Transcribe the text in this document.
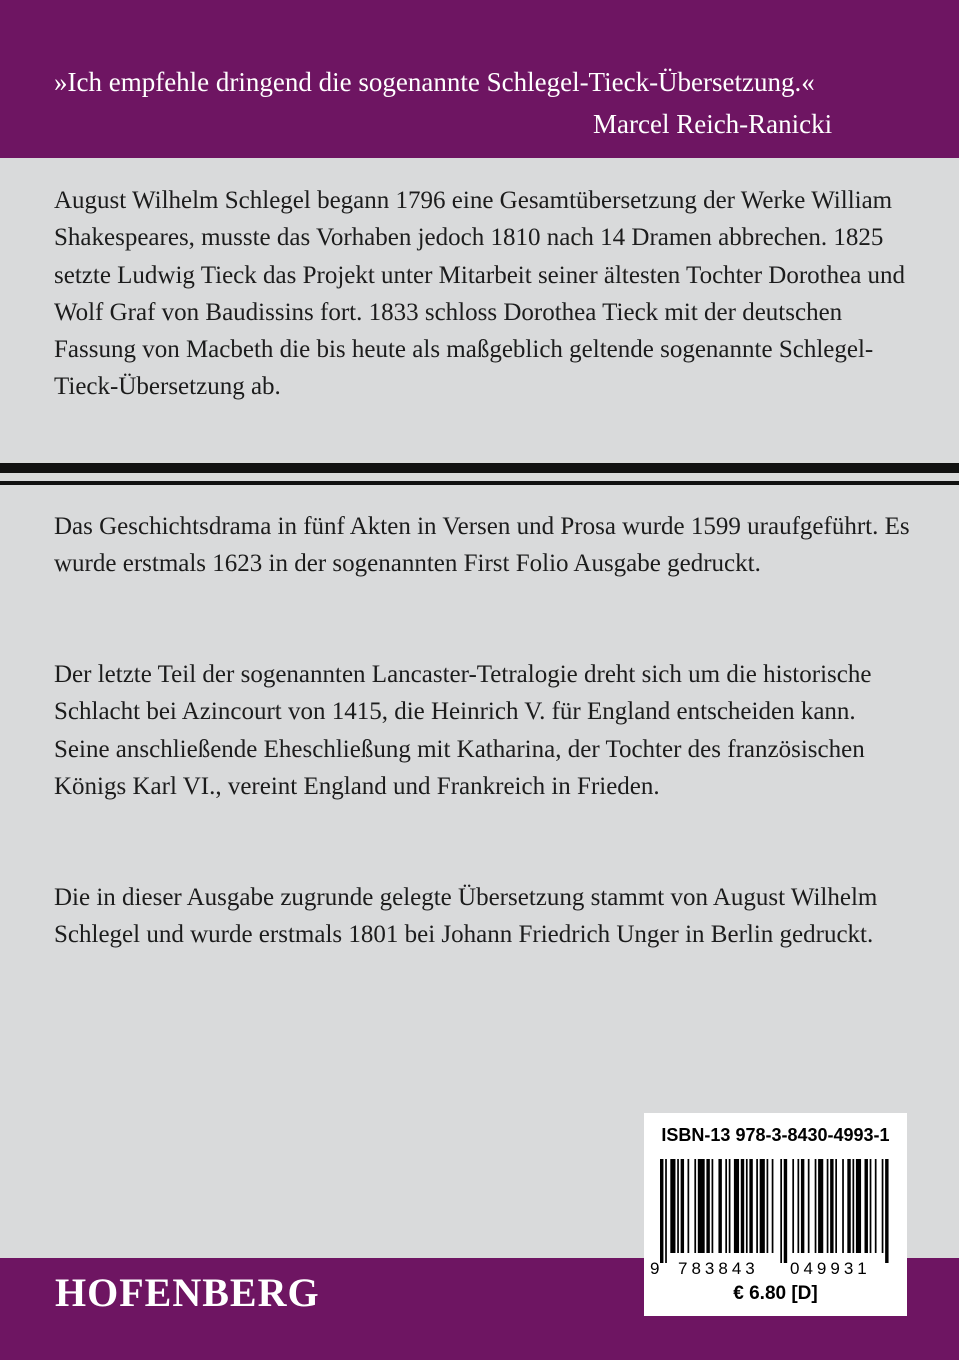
»Ich empfehle dringend die sogenannte Schlegel-Tieck-Übersetzung.«
Marcel Reich-Ranicki

August Wilhelm Schlegel begann 1796 eine Gesamtübersetzung der Werke William Shakespeares, musste das Vorhaben jedoch 1810 nach 14 Dramen abbrechen. 1825 setzte Ludwig Tieck das Projekt unter Mitarbeit seiner ältesten Tochter Dorothea und Wolf Graf von Baudissins fort. 1833 schloss Dorothea Tieck mit der deutschen Fassung von Macbeth die bis heute als maßgeblich geltende sogenannte Schlegel-Tieck-Übersetzung ab.

Das Geschichtsdrama in fünf Akten in Versen und Prosa wurde 1599 uraufgeführt. Es wurde erstmals 1623 in der sogenannten First Folio Ausgabe gedruckt.

Der letzte Teil der sogenannten Lancaster-Tetralogie dreht sich um die historische Schlacht bei Azincourt von 1415, die Heinrich V. für England entscheiden kann. Seine anschließende Eheschließung mit Katharina, der Tochter des französischen Königs Karl VI., vereint England und Frankreich in Frieden.

Die in dieser Ausgabe zugrunde gelegte Übersetzung stammt von August Wilhelm Schlegel und wurde erstmals 1801 bei Johann Friedrich Unger in Berlin gedruckt.

HOFENBERG
ISBN-13 978-3-8430-4993-1
9 783843 049931
€ 6.80 [D]
